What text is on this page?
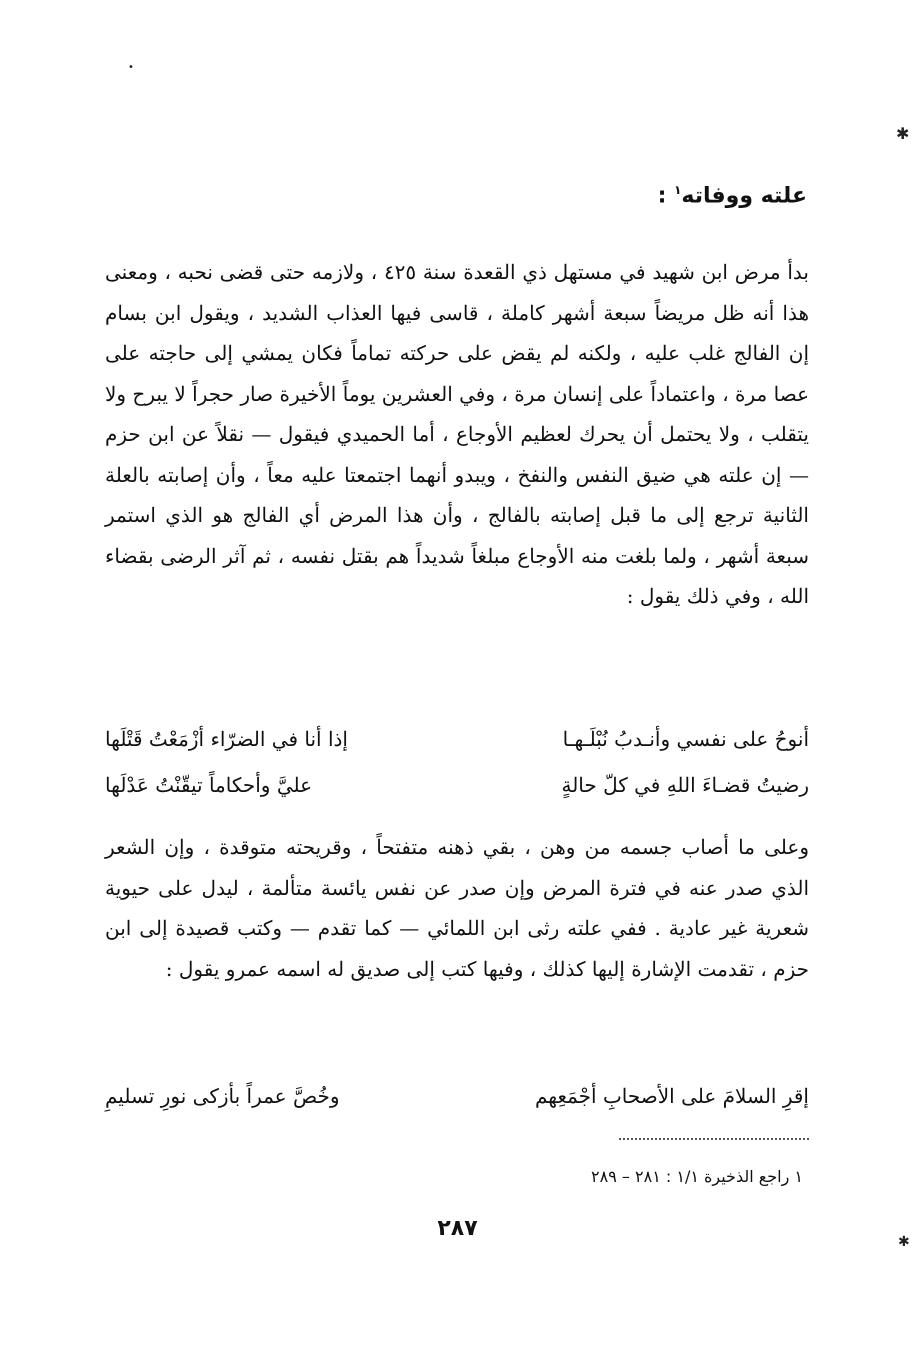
علته ووفاته$^١$ :

بدأ مرض ابن شهيد في مستهل ذي القعدة سنة ٤٢٥ ، ولازمه حتى قضى نحبه ، ومعنى هذا أنه ظل مريضاً سبعة أشهر كاملة ، قاسى فيها العذاب الشديد ، ويقول ابن بسام إن الفالج غلب عليه ، ولكنه لم يقض على حركته تماماً فكان يمشي إلى حاجته على عصا مرة ، واعتماداً على إنسان مرة ، وفي العشرين يوماً الأخيرة صار حجراً لا يبرح ولا يتقلب ، ولا يحتمل أن يحرك لعظيم الأوجاع ، أما الحميدي فيقول — نقلاً عن ابن حزم — إن علته هي ضيق النفس والنفخ ، ويبدو أنهما اجتمعتا عليه معاً ، وأن إصابته بالعلة الثانية ترجع إلى ما قبل إصابته بالفالج ، وأن هذا المرض أي الفالج هو الذي استمر سبعة أشهر ، ولما بلغت منه الأوجاع مبلغاً شديداً هم بقتل نفسه ، ثم آثر الرضى بقضاء الله ، وفي ذلك يقول :

أنوحُ على نفسي وأنـدبُ نُبْلَـهـا
إذا أنا في الضرّاء أزْمَعْتُ قَتْلَها
رضيتُ قضـاءَ اللهِ في كلّ حالةٍ
عليَّ وأحكاماً تيقّنْتُ عَدْلَها

وعلى ما أصاب جسمه من وهن ، بقي ذهنه متفتحاً ، وقريحته متوقدة ، وإن الشعر الذي صدر عنه في فترة المرض وإن صدر عن نفس يائسة متألمة ، ليدل على حيوية شعرية غير عادية . ففي علته رثى ابن اللمائي — كما تقدم — وكتب قصيدة إلى ابن حزم ، تقدمت الإشارة إليها كذلك ، وفيها كتب إلى صديق له اسمه عمرو يقول :

إقرِ السلامَ على الأصحابِ أجْمَعِهم
وخُصَّ عمراً بأزكى نورِ تسليمِ
١ راجع الذخيرة ١/١ : ٢٨١ – ٢٨٩
٢٨٧
•
✱
✱
